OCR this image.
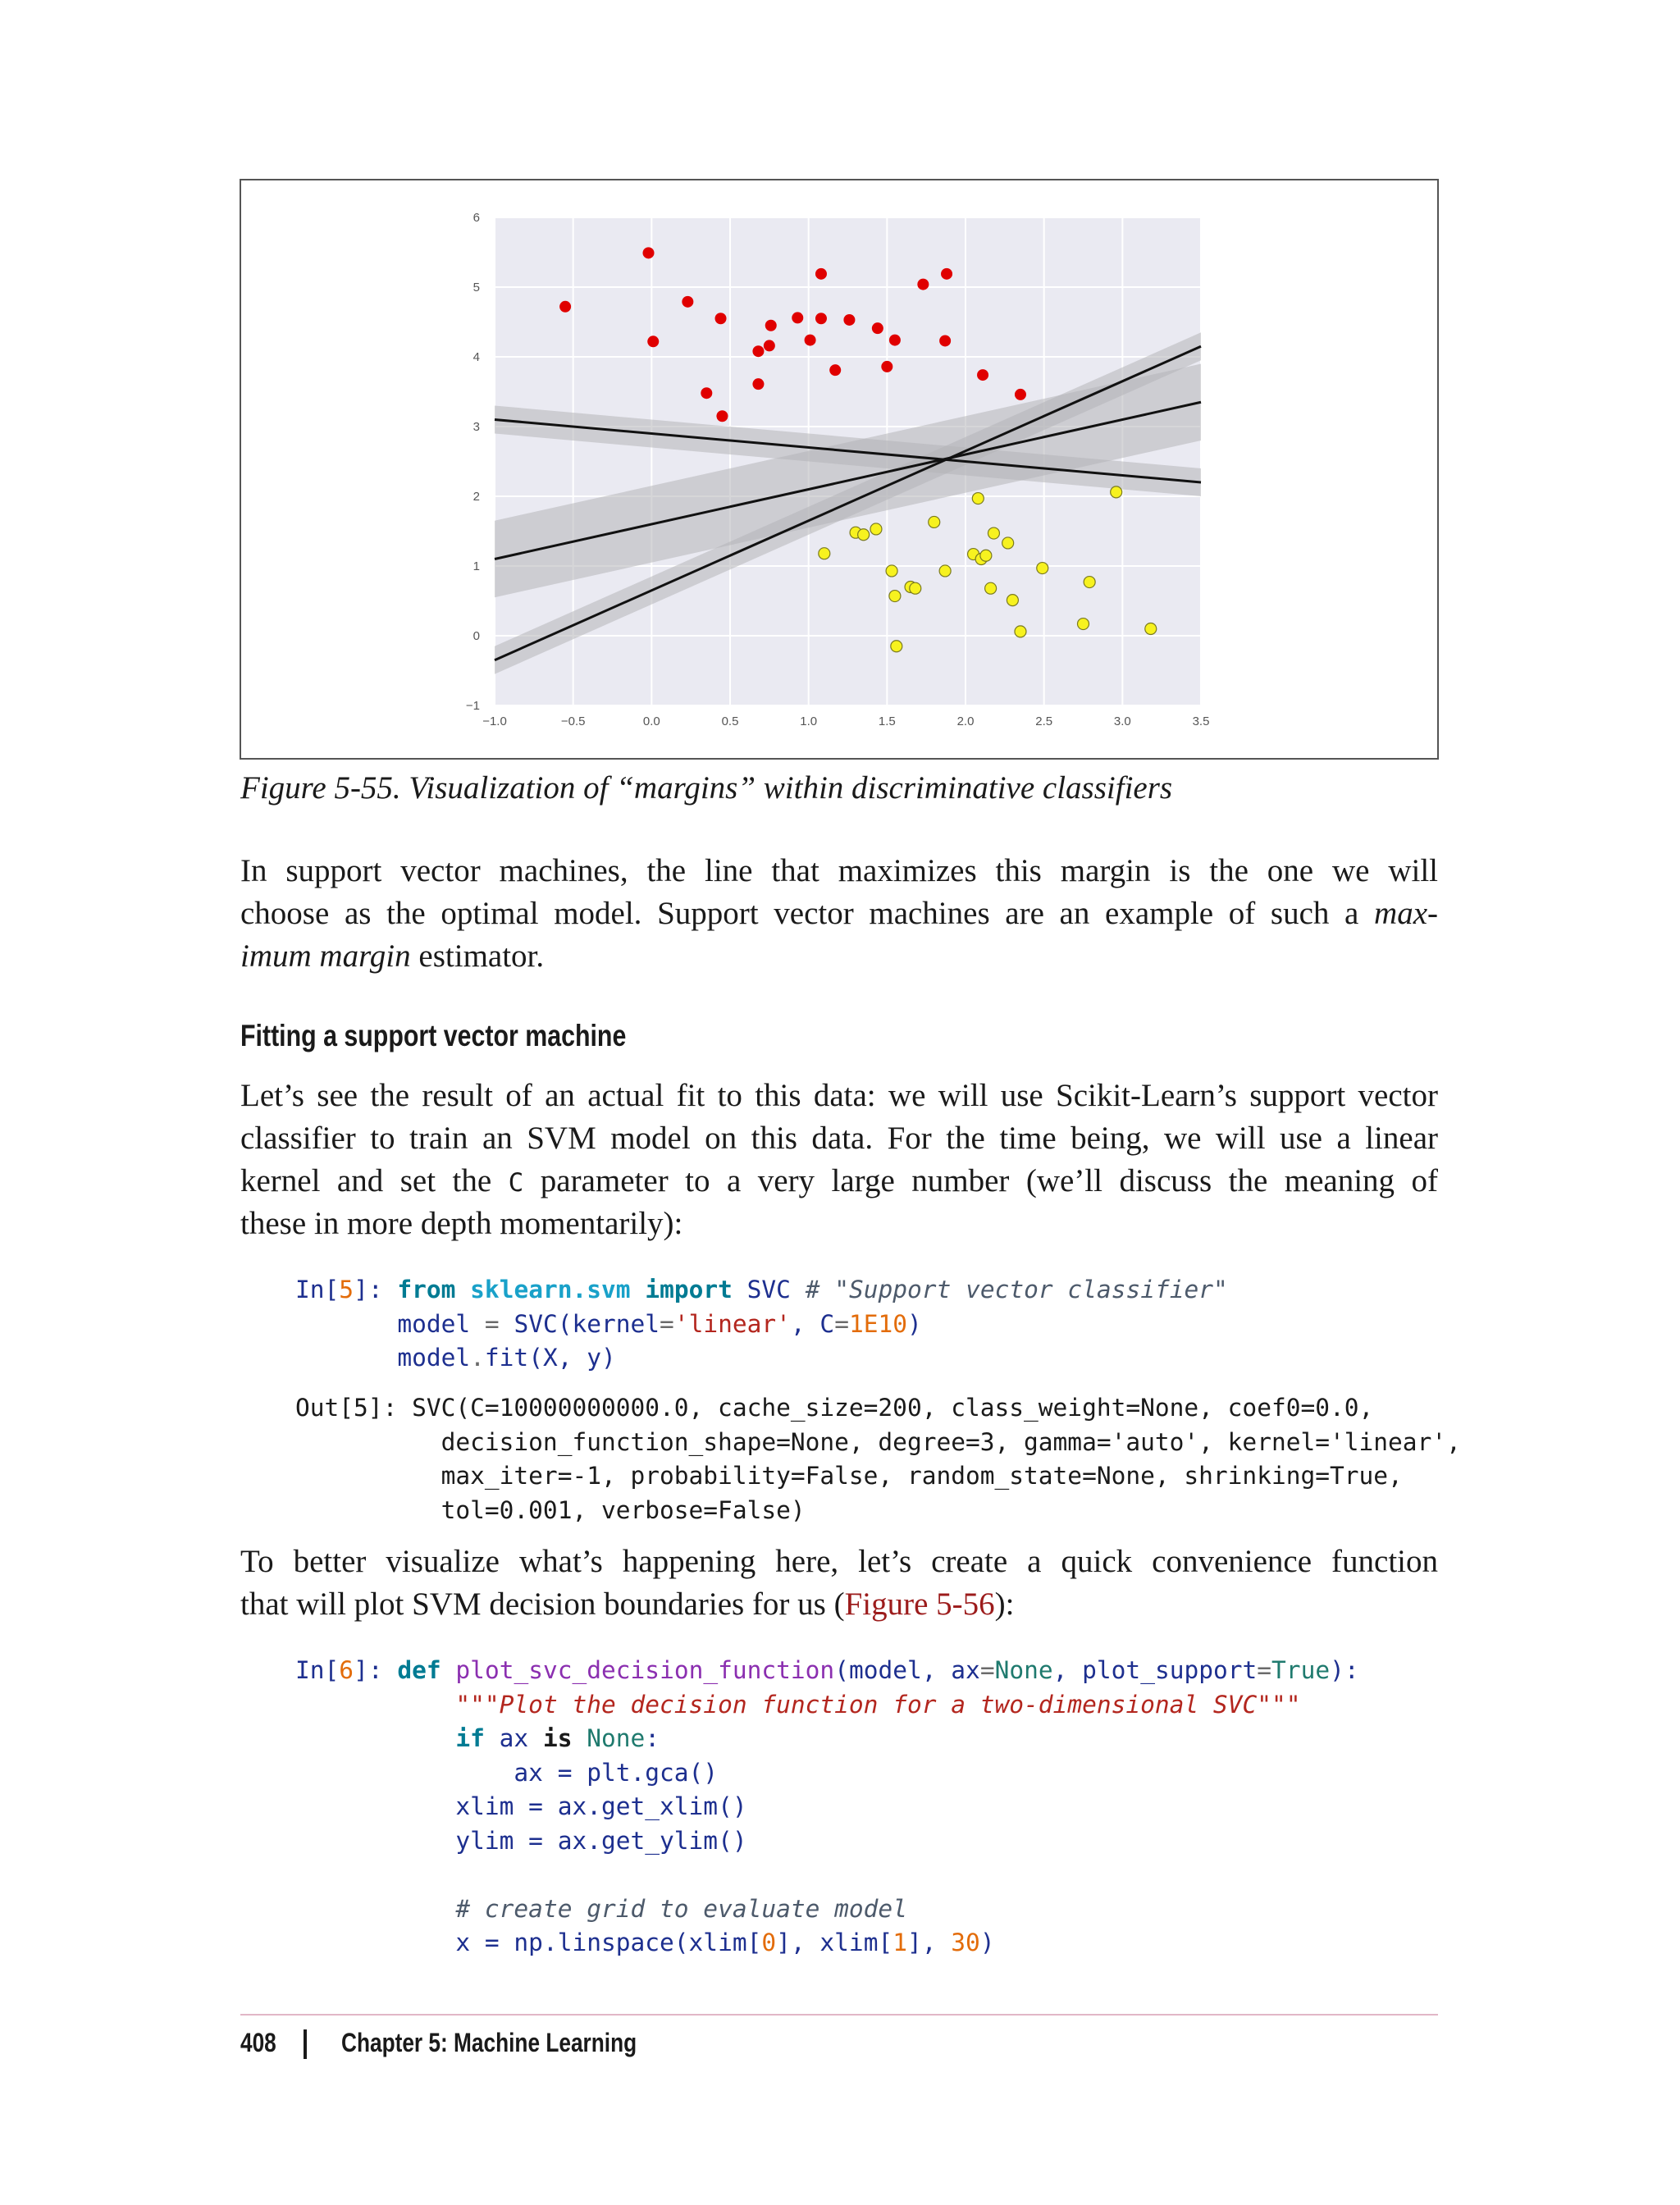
−1.0	−0.5	0.0	0.5	1.0	1.5	2.0	2.5	3.0	3.5
−1
0
1
2
3
4
5
6
Figure 5-55. Visualization of “margins” within discriminative classifiers

In support vector machines, the line that maximizes this margin is the one we will

choose as the optimal model. Support vector machines are an example of such a max-

imum margin estimator.

Fitting a support vector machine

Let’s see the result of an actual fit to this data: we will use Scikit-Learn’s support vector

classifier to train an SVM model on this data. For the time being, we will use a linear

kernel and set the C parameter to a very large number (we’ll discuss the meaning of

these in more depth momentarily):

In[5]: from sklearn.svm import SVC # "Support vector classifier"
model = SVC(kernel='linear', C=1E10)
model.fit(X, y)
Out[5]: SVC(C=10000000000.0, cache_size=200, class_weight=None, coef0=0.0,
decision_function_shape=None, degree=3, gamma='auto', kernel='linear',
max_iter=-1, probability=False, random_state=None, shrinking=True,
tol=0.001, verbose=False)

To better visualize what’s happening here, let’s create a quick convenience function

that will plot SVM decision boundaries for us (Figure 5-56):

In[6]: def plot_svc_decision_function(model, ax=None, plot_support=True):
"""Plot the decision function for a two-dimensional SVC"""
if ax is None:
ax = plt.gca()
xlim = ax.get_xlim()
ylim = ax.get_ylim()

# create grid to evaluate model
x = np.linspace(xlim[0], xlim[1], 30)
408 Chapter 5: Machine Learning
